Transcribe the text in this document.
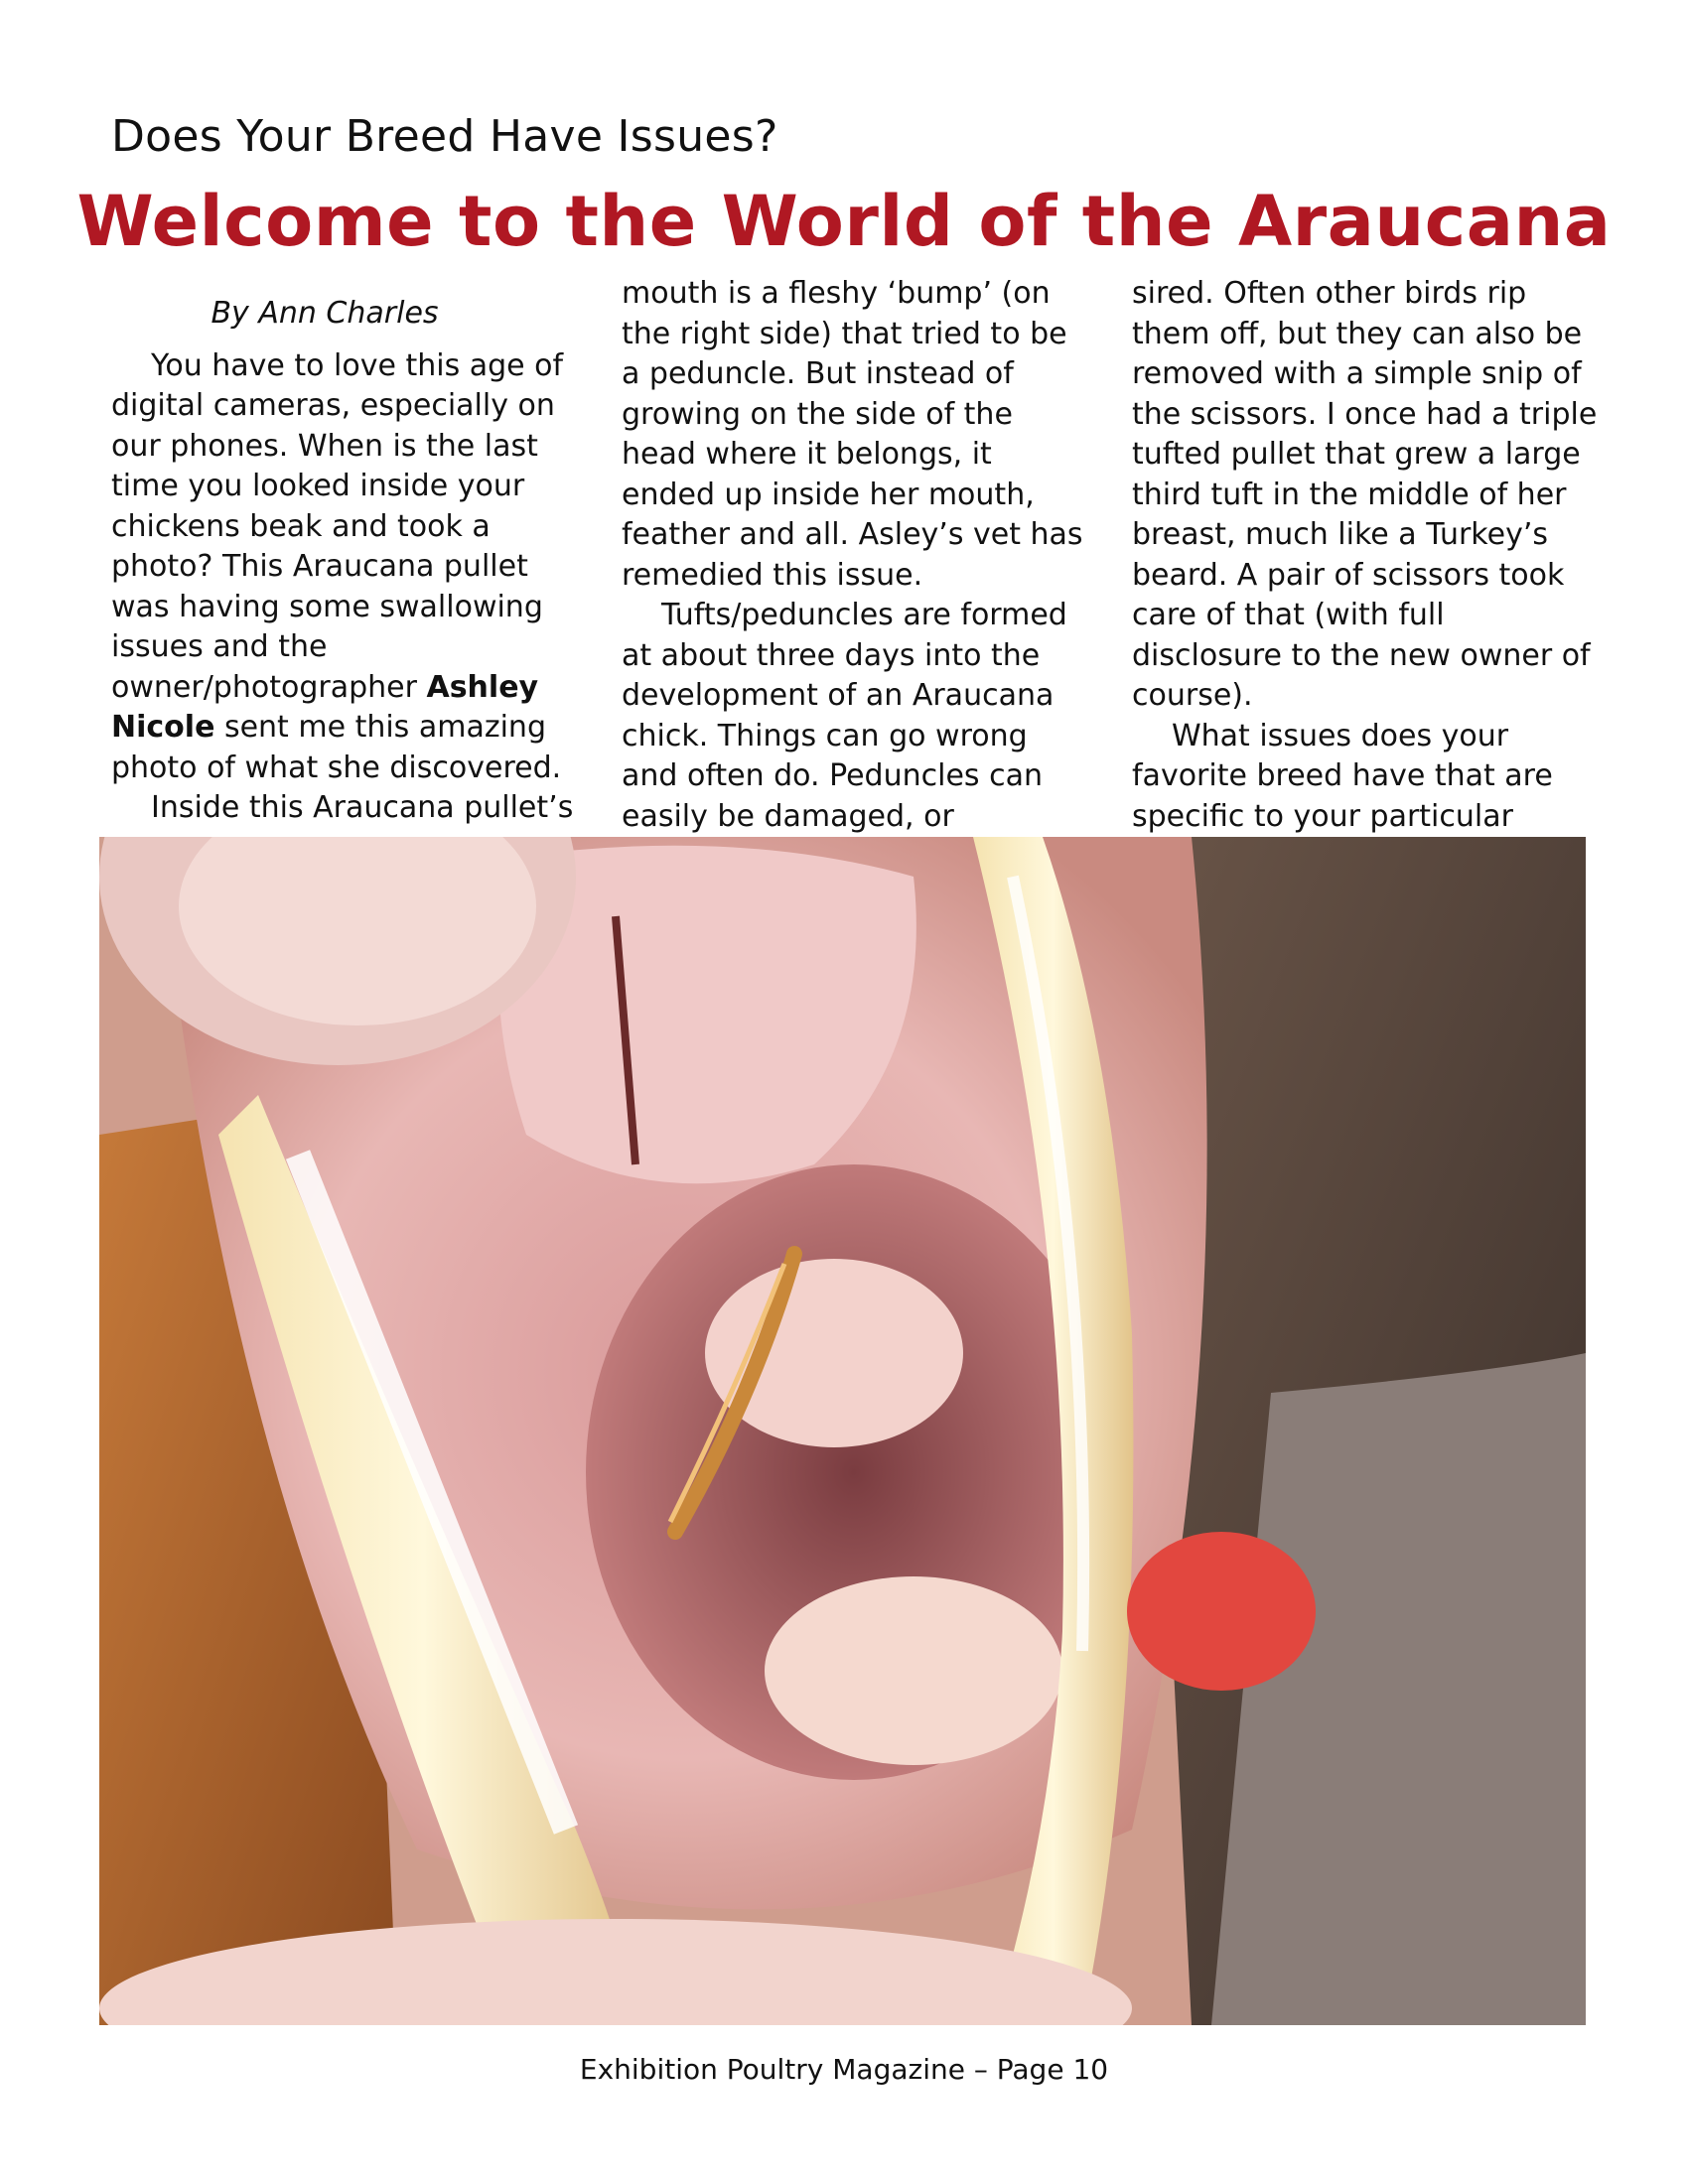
Does Your Breed Have Issues?
Welcome to the World of the Araucana
By Ann Charles
You have to love this age of digital cameras, especially on our phones. When is the last time you looked inside your chickens beak and took a photo? This Araucana pullet was having some swallowing issues and the owner/photographer Ashley Nicole sent me this amazing photo of what she discovered.
Inside this Araucana pullet’s
mouth is a fleshy ‘bump’ (on the right side) that tried to be a peduncle. But instead of growing on the side of the head where it belongs, it ended up inside her mouth, feather and all. Asley’s vet has remedied this issue.
Tufts/peduncles are formed at about three days into the development of an Araucana chick. Things can go wrong and often do. Peduncles can easily be damaged, or
sired. Often other birds rip them off, but they can also be removed with a simple snip of the scissors. I once had a triple tufted pullet that grew a large third tuft in the middle of her breast, much like a Turkey’s beard. A pair of scissors took care of that (with full disclosure to the new owner of course).
What issues does your favorite breed have that are specific to your particular
Exhibition Poultry Magazine – Page 10
